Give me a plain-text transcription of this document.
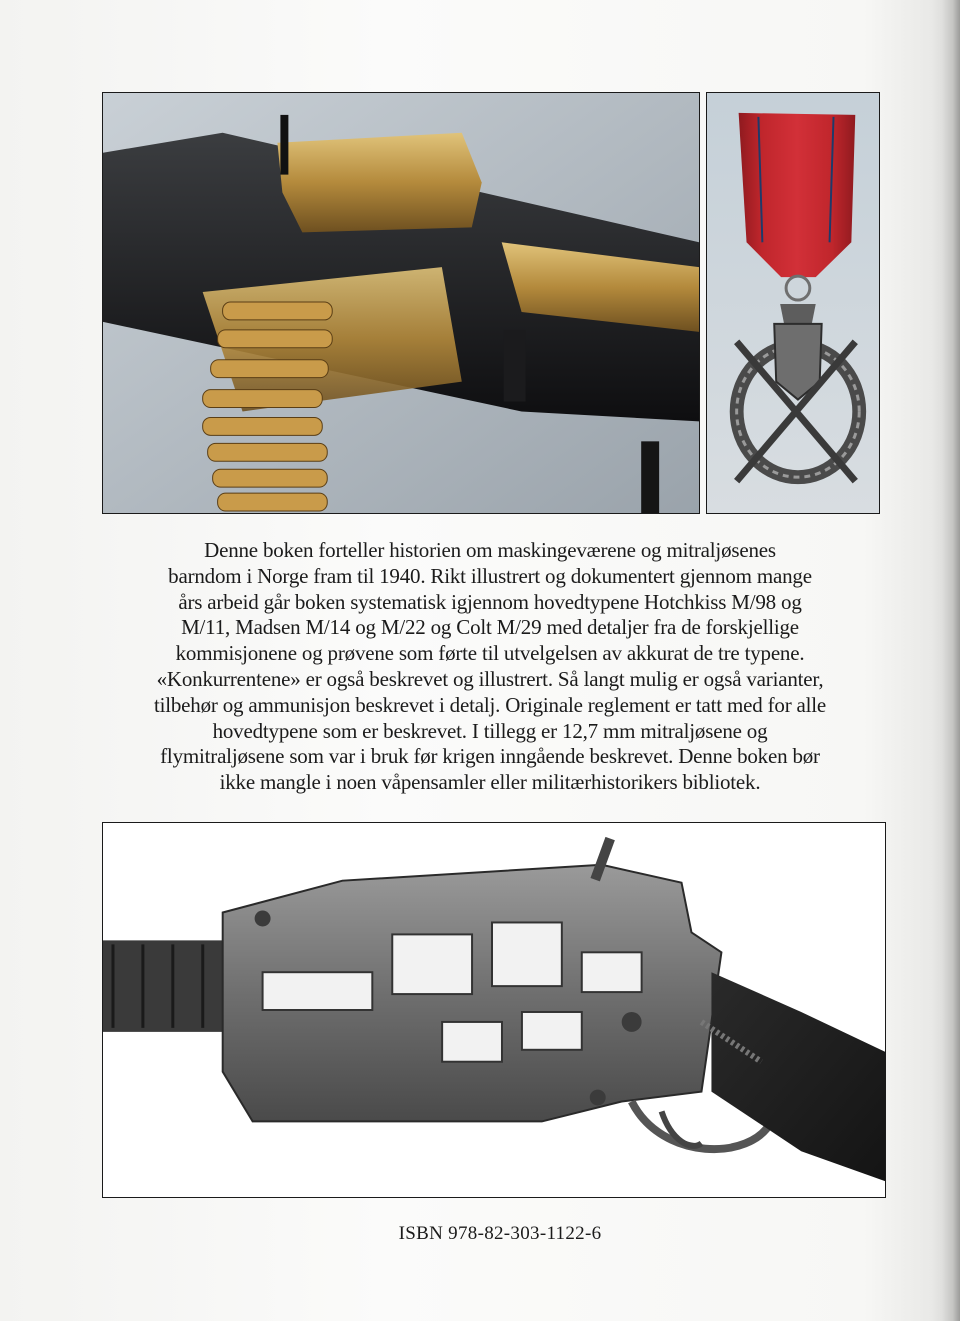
Denne boken forteller historien om maskingeværene og mitraljøsenes
barndom i Norge fram til 1940. Rikt illustrert og dokumentert gjennom mange
års arbeid går boken systematisk igjennom hovedtypene Hotchkiss M/98 og
M/11, Madsen M/14 og M/22 og Colt M/29 med detaljer fra de forskjellige
kommisjonene og prøvene som førte til utvelgelsen av akkurat de tre typene.
«Konkurrentene» er også beskrevet og illustrert. Så langt mulig er også varianter,
tilbehør og ammunisjon beskrevet i detalj. Originale reglement er tatt med for alle
hovedtypene som er beskrevet. I tillegg er 12,7 mm mitraljøsene og
flymitraljøsene som var i bruk før krigen inngående beskrevet. Denne boken bør
ikke mangle i noen våpensamler eller militærhistorikers bibliotek.
ISBN 978-82-303-1122-6
